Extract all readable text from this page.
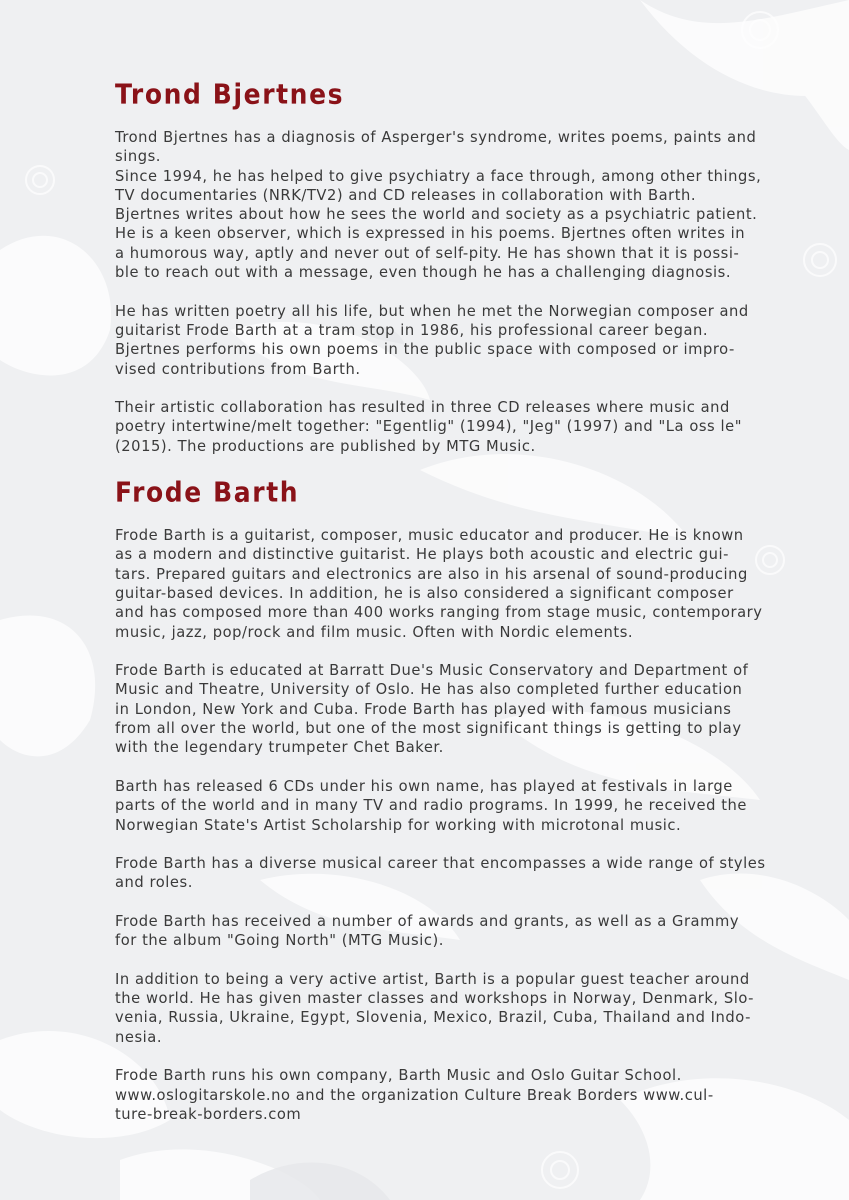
Trond Bjertnes

Trond Bjertnes has a diagnosis of Asperger's syndrome, writes poems, paints and
sings.
Since 1994, he has helped to give psychiatry a face through, among other things,
TV documentaries (NRK/TV2) and CD releases in collaboration with Barth.
Bjertnes writes about how he sees the world and society as a psychiatric patient.
He is a keen observer, which is expressed in his poems. Bjertnes often writes in
a humorous way, aptly and never out of self-pity. He has shown that it is possi-
ble to reach out with a message, even though he has a challenging diagnosis.

He has written poetry all his life, but when he met the Norwegian composer and
guitarist Frode Barth at a tram stop in 1986, his professional career began.
Bjertnes performs his own poems in the public space with composed or impro-
vised contributions from Barth.

Their artistic collaboration has resulted in three CD releases where music and
poetry intertwine/melt together: "Egentlig" (1994), "Jeg" (1997) and "La oss le"
(2015). The productions are published by MTG Music.

Frode Barth

Frode Barth is a guitarist, composer, music educator and producer. He is known
as a modern and distinctive guitarist. He plays both acoustic and electric gui-
tars. Prepared guitars and electronics are also in his arsenal of sound-producing
guitar-based devices. In addition, he is also considered a significant composer
and has composed more than 400 works ranging from stage music, contemporary
music, jazz, pop/rock and film music. Often with Nordic elements.

Frode Barth is educated at Barratt Due's Music Conservatory and Department of
Music and Theatre, University of Oslo. He has also completed further education
in London, New York and Cuba. Frode Barth has played with famous musicians
from all over the world, but one of the most significant things is getting to play
with the legendary trumpeter Chet Baker.

Barth has released 6 CDs under his own name, has played at festivals in large
parts of the world and in many TV and radio programs. In 1999, he received the
Norwegian State's Artist Scholarship for working with microtonal music.

Frode Barth has a diverse musical career that encompasses a wide range of styles
and roles.

Frode Barth has received a number of awards and grants, as well as a Grammy
for the album "Going North" (MTG Music).

In addition to being a very active artist, Barth is a popular guest teacher around
the world. He has given master classes and workshops in Norway, Denmark, Slo-
venia, Russia, Ukraine, Egypt, Slovenia, Mexico, Brazil, Cuba, Thailand and Indo-
nesia.

Frode Barth runs his own company, Barth Music and Oslo Guitar School.
www.oslogitarskole.no and the organization Culture Break Borders www.cul-
ture-break-borders.com
